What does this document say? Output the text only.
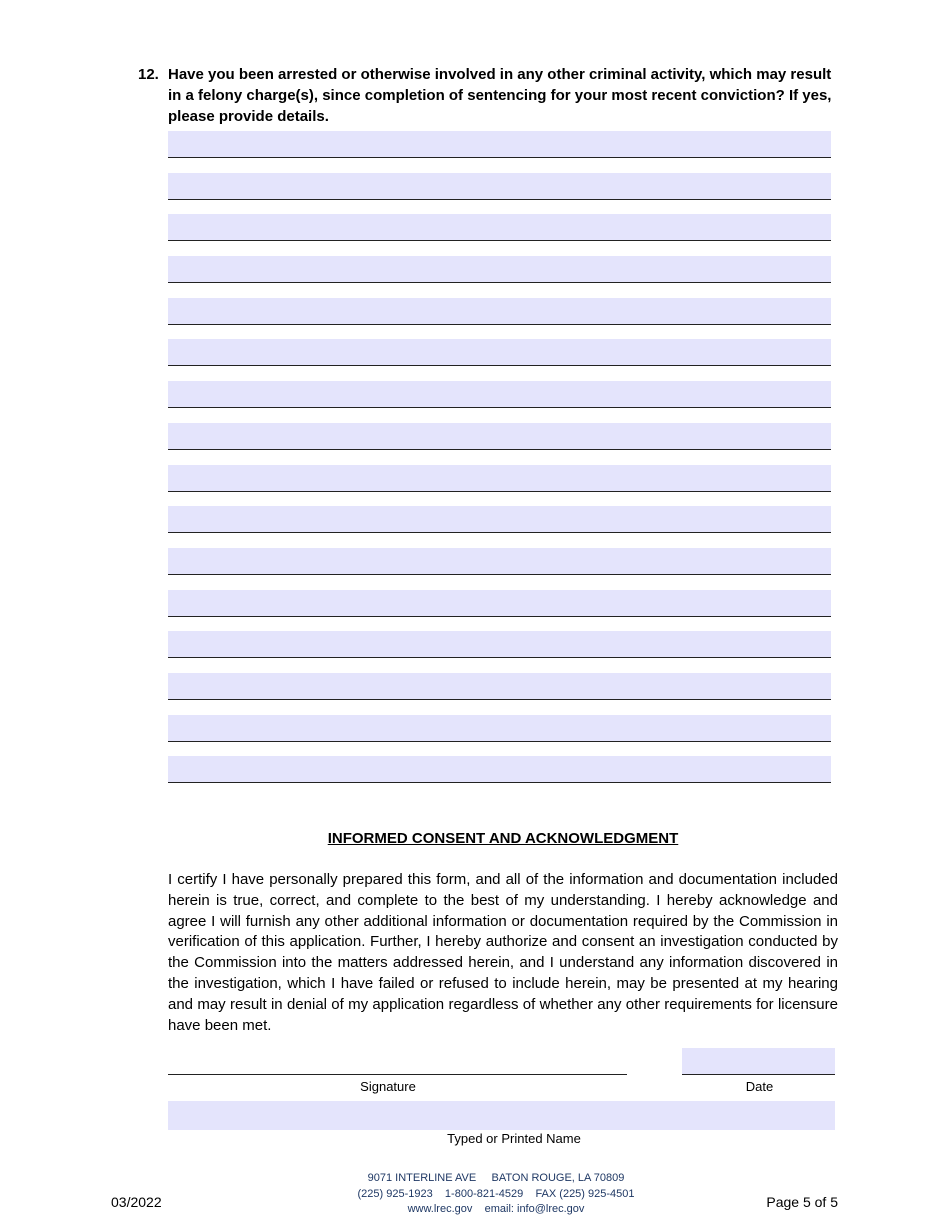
12. Have you been arrested or otherwise involved in any other criminal activity, which may result in a felony charge(s), since completion of sentencing for your most recent conviction? If yes, please provide details.
INFORMED CONSENT AND ACKNOWLEDGMENT
I certify I have personally prepared this form, and all of the information and documentation included herein is true, correct, and complete to the best of my understanding. I hereby acknowledge and agree I will furnish any other additional information or documentation required by the Commission in verification of this application. Further, I hereby authorize and consent an investigation conducted by the Commission into the matters addressed herein, and I understand any information discovered in the investigation, which I have failed or refused to include herein, may be presented at my hearing and may result in denial of my application regardless of whether any other requirements for licensure have been met.
Signature	Date
Typed or Printed Name
03/2022
9071 INTERLINE AVE     BATON ROUGE, LA 70809
(225) 925-1923    1-800-821-4529    FAX (225) 925-4501
www.lrec.gov    email: info@lrec.gov	Page 5 of 5
